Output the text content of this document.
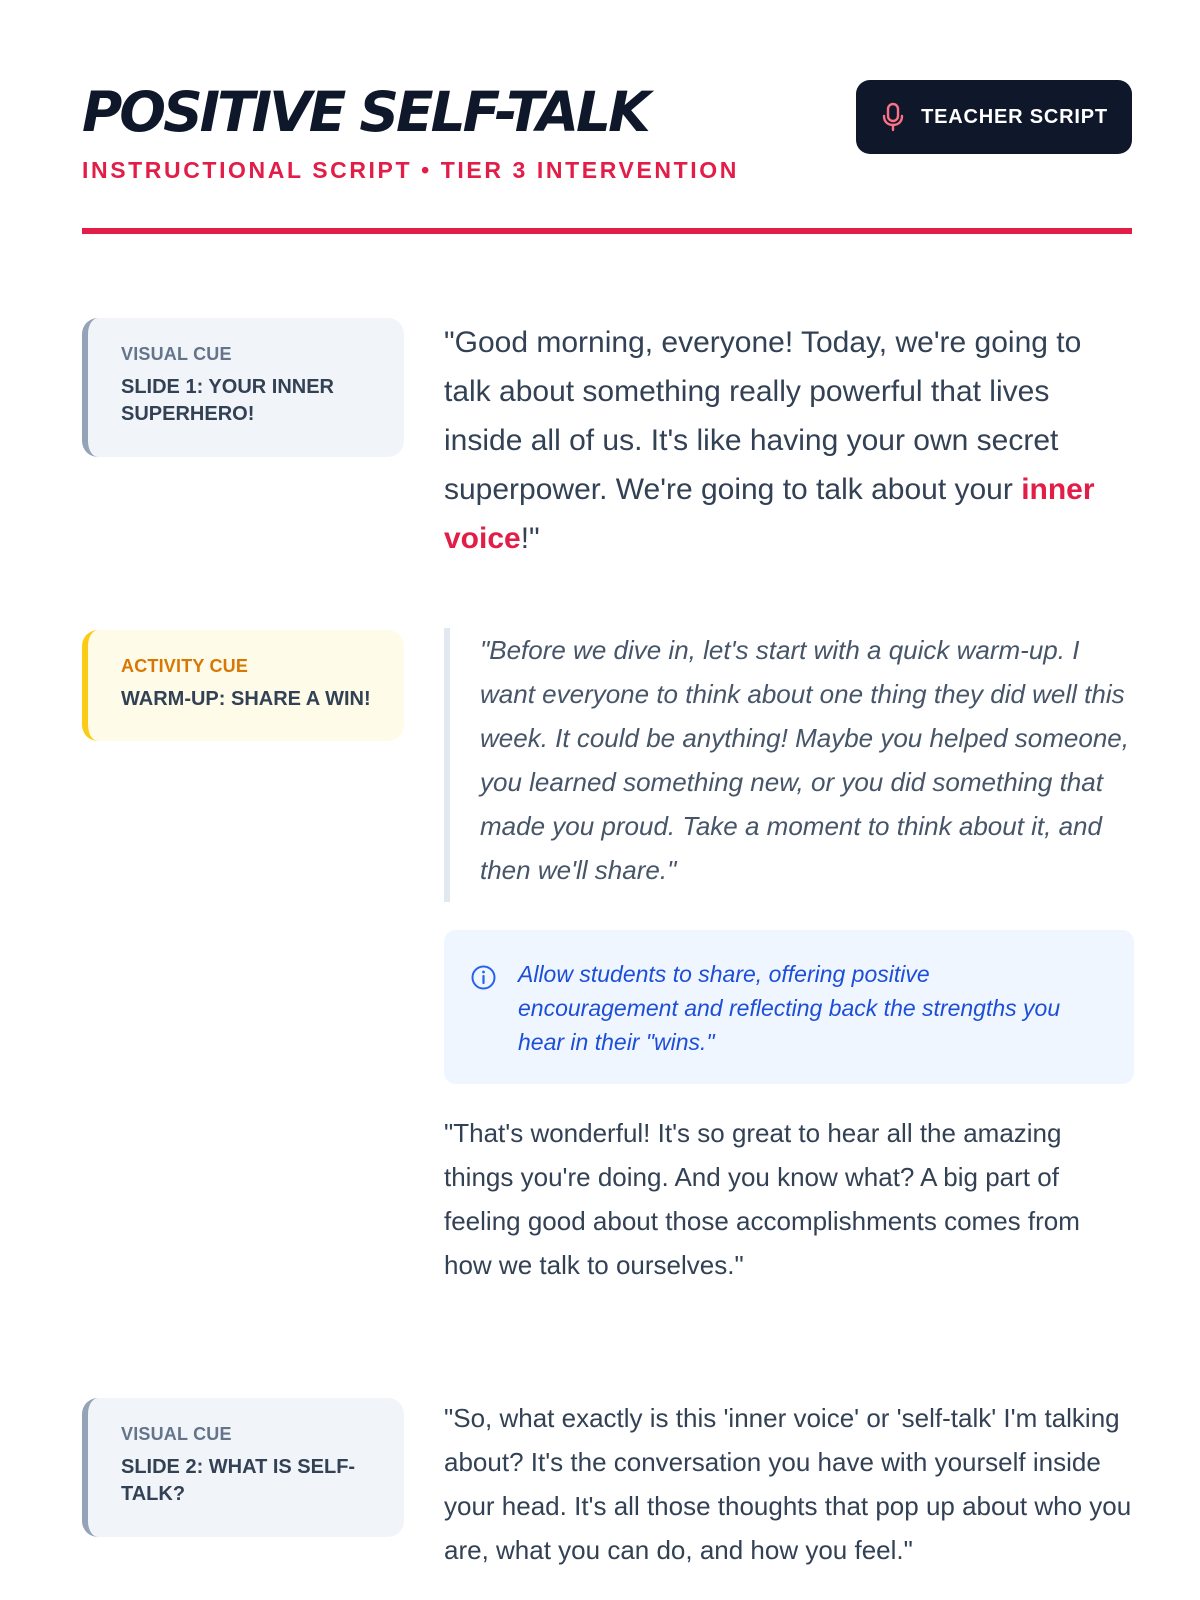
POSITIVE SELF-TALK
INSTRUCTIONAL SCRIPT • TIER 3 INTERVENTION
TEACHER SCRIPT
VISUAL CUE
SLIDE 1: YOUR INNER SUPERHERO!

"Good morning, everyone! Today, we're going to talk about something really powerful that lives inside all of us. It's like having your own secret superpower. We're going to talk about your inner voice!"

ACTIVITY CUE
WARM-UP: SHARE A WIN!
"Before we dive in, let's start with a quick warm-up. I want everyone to think about one thing they did well this week. It could be anything! Maybe you helped someone, you learned something new, or you did something that made you proud. Take a moment to think about it, and then we'll share."
Allow students to share, offering positive encouragement and reflecting back the strengths you hear in their "wins."

"That's wonderful! It's so great to hear all the amazing things you're doing. And you know what? A big part of feeling good about those accomplishments comes from how we talk to ourselves."

VISUAL CUE
SLIDE 2: WHAT IS SELF-TALK?

"So, what exactly is this 'inner voice' or 'self-talk' I'm talking about? It's the conversation you have with yourself inside your head. It's all those thoughts that pop up about who you are, what you can do, and how you feel."
